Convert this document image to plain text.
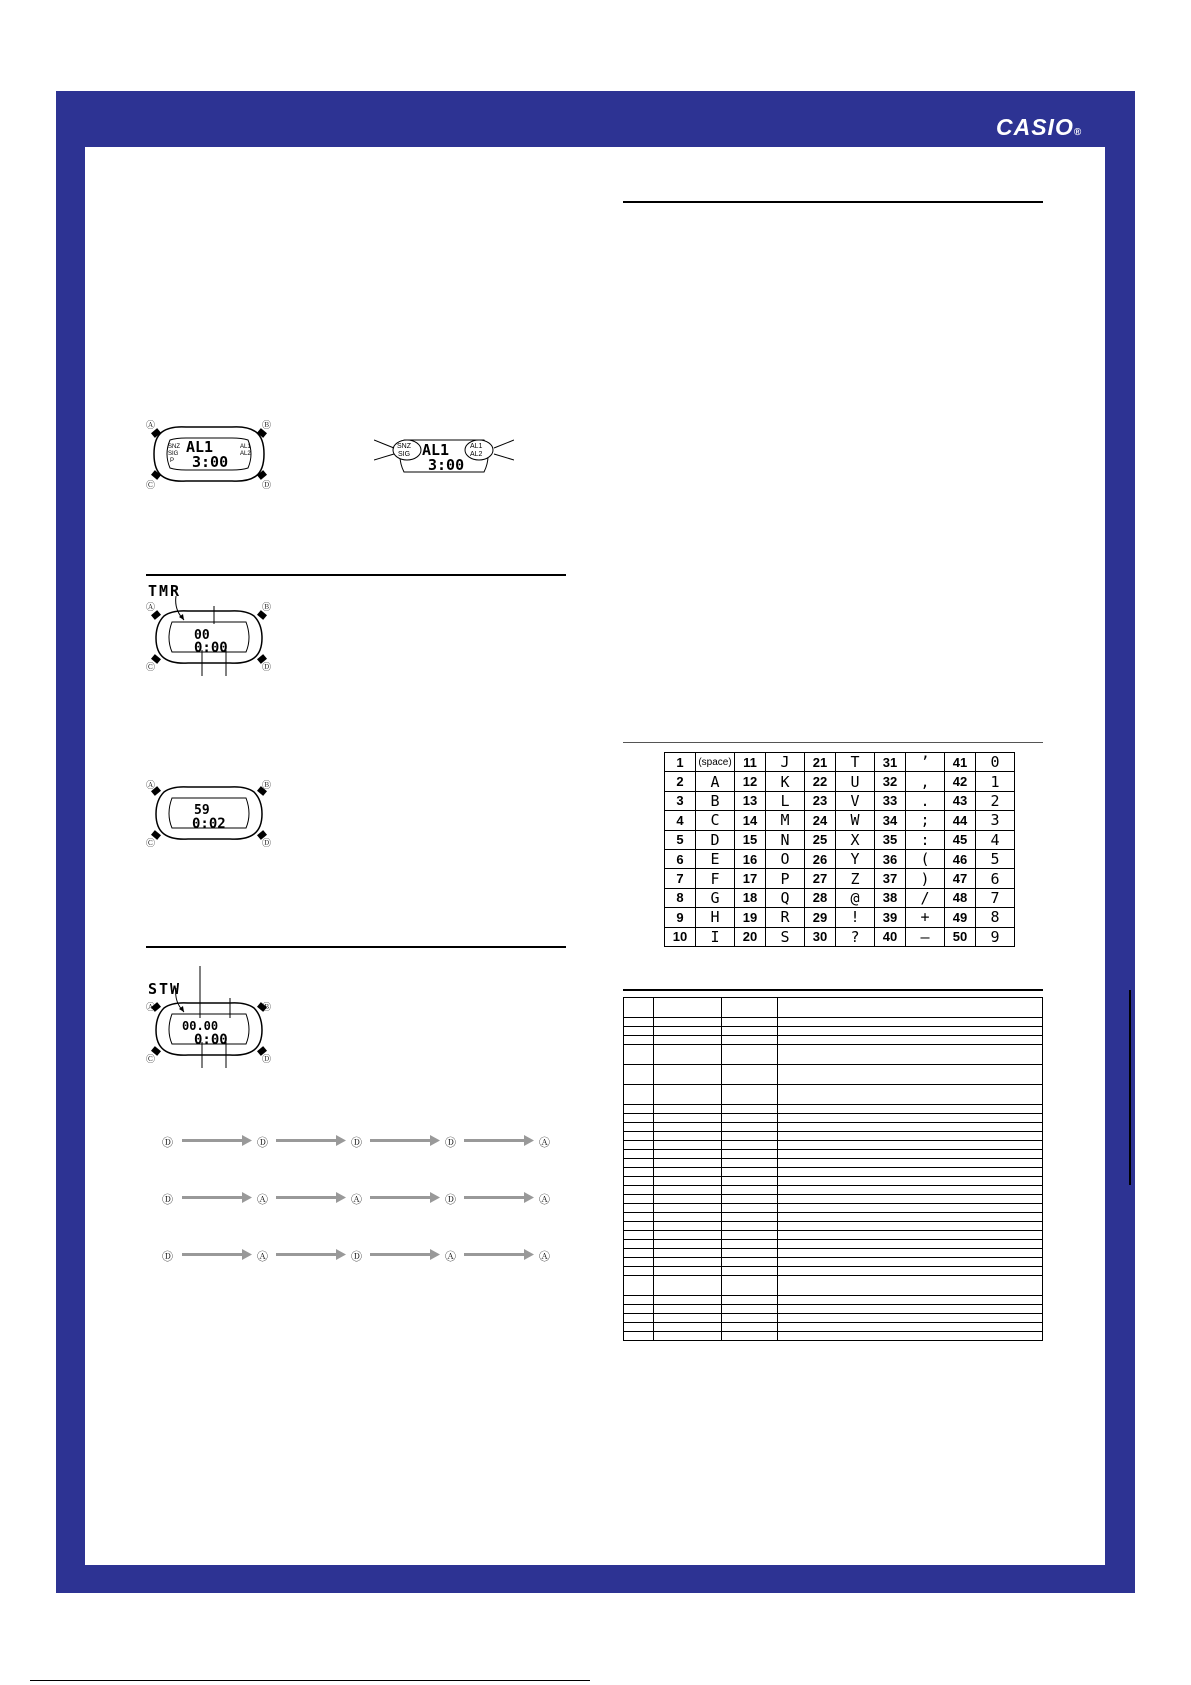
CASIO®
Ⓐ	Ⓑ
Ⓒ	Ⓓ
SNZ
SIG
P
AL1
AL2
AL1
3:00
SNZ
SIG
AL1
AL2
AL1
3:00
TMR
Ⓐ	Ⓑ
Ⓒ	Ⓓ
00
0:00
Ⓐ	Ⓑ
Ⓒ	Ⓓ
59
0:02
STW
Ⓐ	Ⓑ
Ⓒ	Ⓓ
00.00
0:00
Ⓓ	Ⓓ	Ⓓ	Ⓓ	Ⓐ
Ⓓ	Ⓐ	Ⓐ	Ⓓ	Ⓐ
Ⓓ	Ⓐ	Ⓓ	Ⓐ	Ⓐ
1	(space)	11	J	21	T	31	’	41	0
2	A	12	K	22	U	32	,	42	1
3	B	13	L	23	V	33	.	43	2
4	C	14	M	24	W	34	;	44	3
5	D	15	N	25	X	35	:	45	4
6	E	16	O	26	Y	36	(	46	5
7	F	17	P	27	Z	37	)	47	6
8	G	18	Q	28	@	38	/	48	7
9	H	19	R	29	!	39	+	49	8
10	I	20	S	30	?	40	—	50	9
